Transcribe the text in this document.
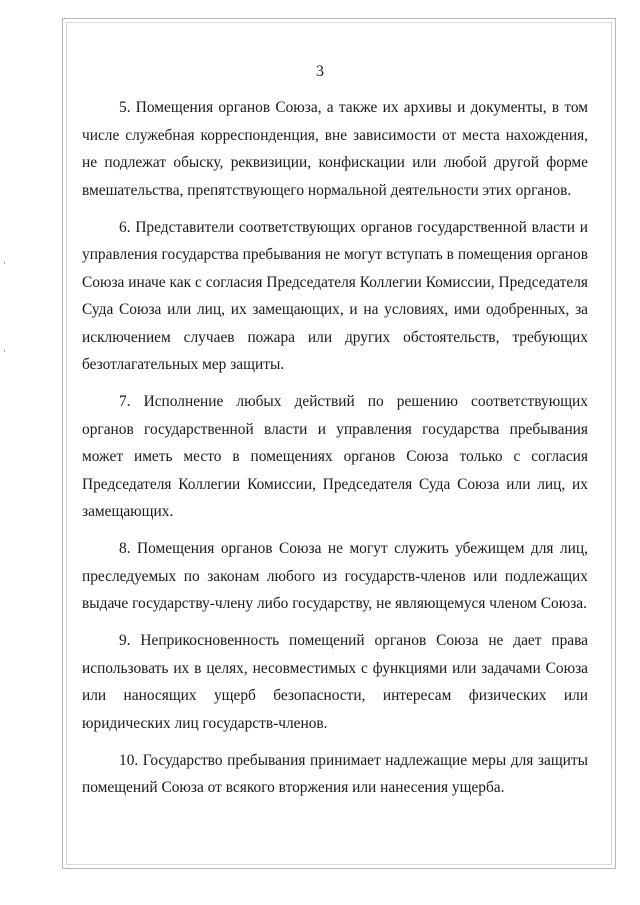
3

5. Помещения органов Союза, а также их архивы и документы, в том числе служебная корреспонденция, вне зависимости от места нахождения, не подлежат обыску, реквизиции, конфискации или любой другой форме вмешательства, препятствующего нормальной деятельности этих органов.

6. Представители соответствующих органов государственной власти и управления государства пребывания не могут вступать в помещения органов Союза иначе как с согласия Председателя Коллегии Комиссии, Председателя Суда Союза или лиц, их замещающих, и на условиях, ими одобренных, за исключением случаев пожара или других обстоятельств, требующих безотлагательных мер защиты.

7. Исполнение любых действий по решению соответствующих органов государственной власти и управления государства пребывания может иметь место в помещениях органов Союза только с согласия Председателя Коллегии Комиссии, Председателя Суда Союза или лиц, их замещающих.

8. Помещения органов Союза не могут служить убежищем для лиц, преследуемых по законам любого из государств-членов или подлежащих выдаче государству-члену либо государству, не являющемуся членом Союза.

9. Неприкосновенность помещений органов Союза не дает права использовать их в целях, несовместимых с функциями или задачами Союза или наносящих ущерб безопасности, интересам физических или юридических лиц государств-членов.

10. Государство пребывания принимает надлежащие меры для защиты помещений Союза от всякого вторжения или нанесения ущерба.
